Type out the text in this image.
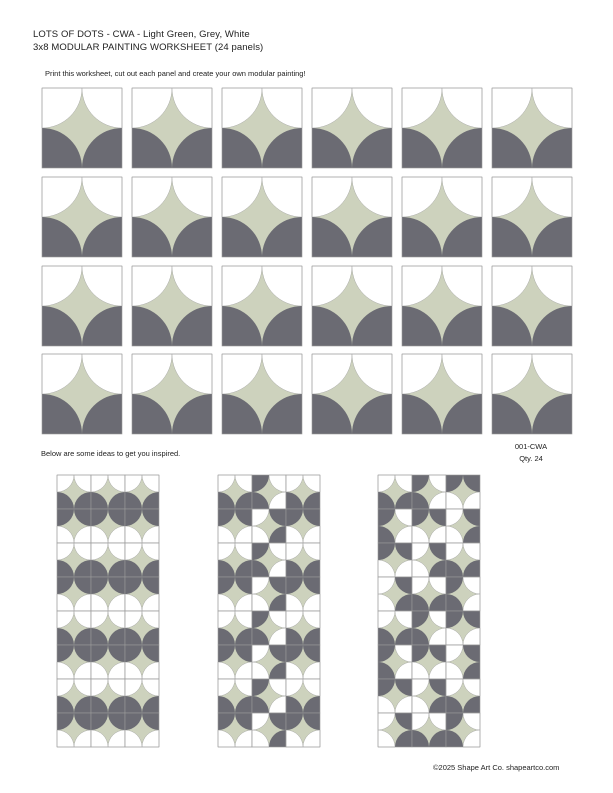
LOTS OF DOTS - CWA - Light Green, Grey, White
3x8 MODULAR PAINTING WORKSHEET (24 panels)
Print this worksheet, cut out each panel and create your own modular painting!
Below are some ideas to get you inspired.
001-CWA
Qty. 24
©2025 Shape Art Co. shapeartco.com
